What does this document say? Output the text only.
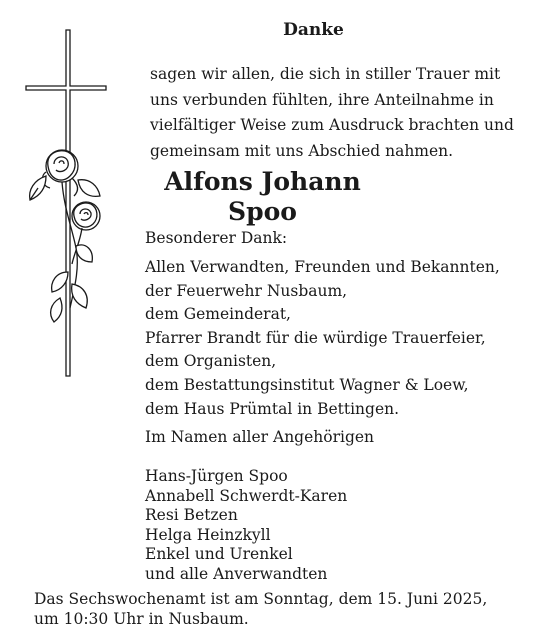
Danke
sagen wir allen, die sich in stiller Trauer mit
uns verbunden fühlten, ihre Anteilnahme in
vielfältiger Weise zum Ausdruck brachten und
gemeinsam mit uns Abschied nahmen.
Alfons Johann
Spoo
Besonderer Dank:
Allen Verwandten, Freunden und Bekannten,
der Feuerwehr Nusbaum,
dem Gemeinderat,
Pfarrer Brandt für die würdige Trauerfeier,
dem Organisten,
dem Bestattungsinstitut Wagner & Loew,
dem Haus Prümtal in Bettingen.
Im Namen aller Angehörigen
Hans-Jürgen Spoo
Annabell Schwerdt-Karen
Resi Betzen
Helga Heinzkyll
Enkel und Urenkel
und alle Anverwandten
Das Sechswochenamt ist am Sonntag, dem 15. Juni 2025,
um 10:30 Uhr in Nusbaum.
